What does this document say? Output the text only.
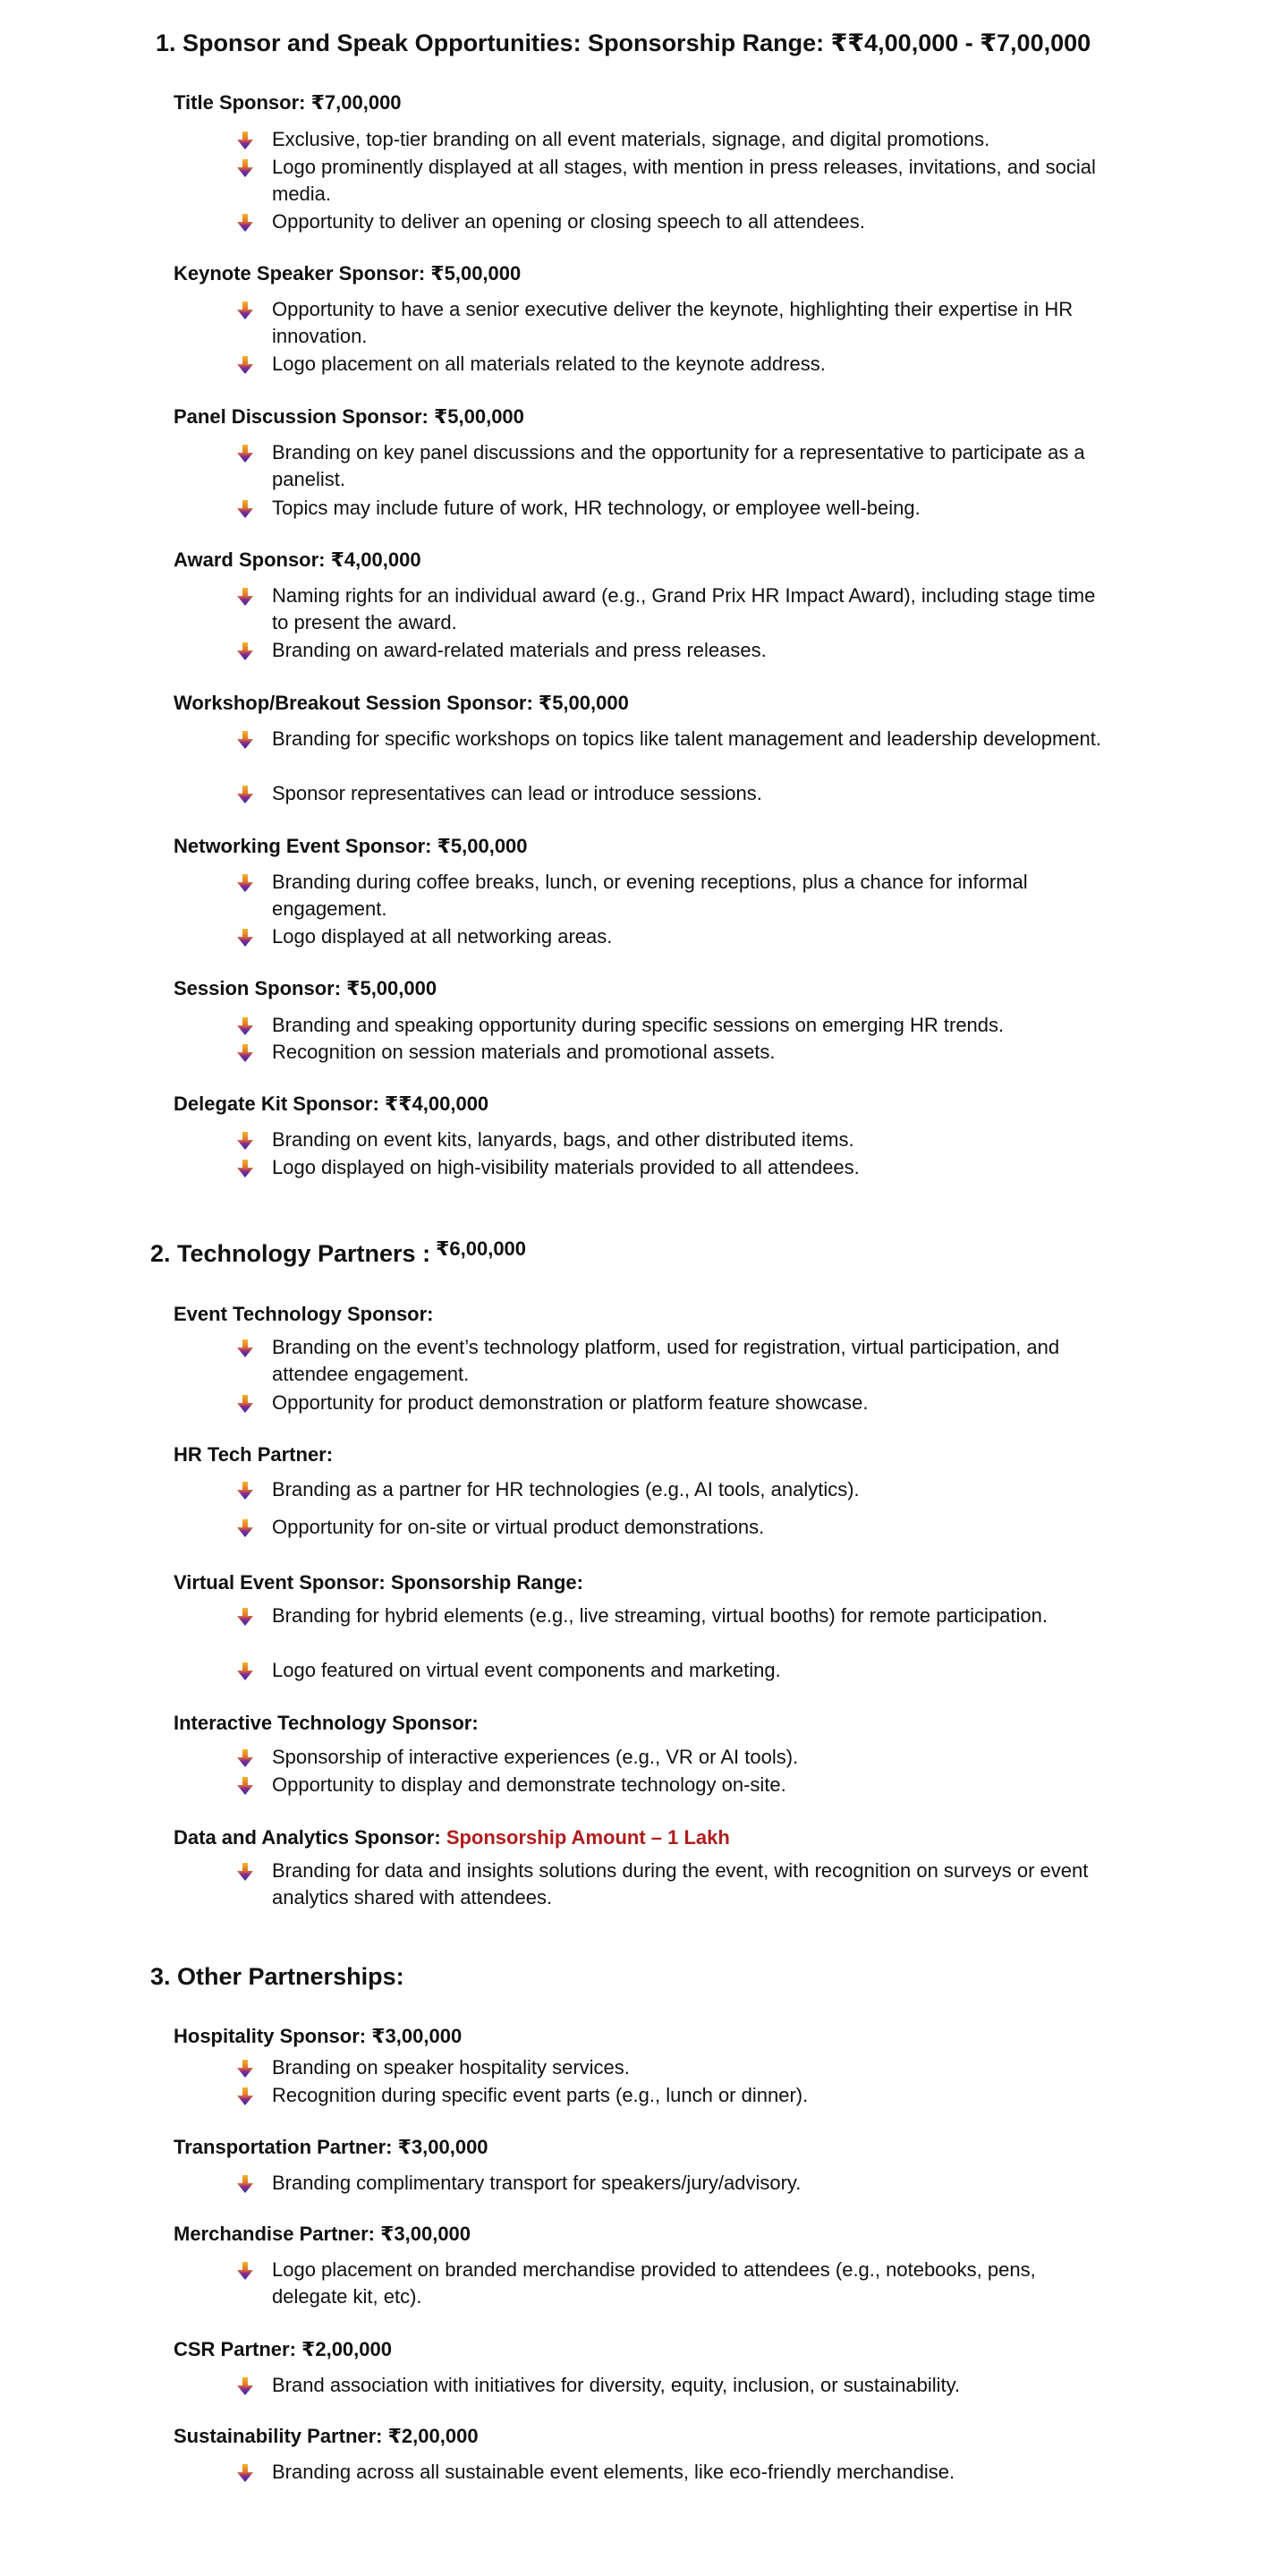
1. Sponsor and Speak Opportunities: Sponsorship Range: ₹₹4,00,000 - ₹7,00,000
Title Sponsor: ₹7,00,000
Exclusive, top-tier branding on all event materials, signage, and digital promotions.
Logo prominently displayed at all stages, with mention in press releases, invitations, and social media.
Opportunity to deliver an opening or closing speech to all attendees.
Keynote Speaker Sponsor: ₹5,00,000
Opportunity to have a senior executive deliver the keynote, highlighting their expertise in HR innovation.
Logo placement on all materials related to the keynote address.
Panel Discussion Sponsor: ₹5,00,000
Branding on key panel discussions and the opportunity for a representative to participate as a panelist.
Topics may include future of work, HR technology, or employee well-being.
Award Sponsor: ₹4,00,000
Naming rights for an individual award (e.g., Grand Prix HR Impact Award), including stage time to present the award.
Branding on award-related materials and press releases.
Workshop/Breakout Session Sponsor: ₹5,00,000
Branding for specific workshops on topics like talent management and leadership development.
Sponsor representatives can lead or introduce sessions.
Networking Event Sponsor: ₹5,00,000
Branding during coffee breaks, lunch, or evening receptions, plus a chance for informal engagement.
Logo displayed at all networking areas.
Session Sponsor: ₹5,00,000
Branding and speaking opportunity during specific sessions on emerging HR trends.
Recognition on session materials and promotional assets.
Delegate Kit Sponsor: ₹₹4,00,000
Branding on event kits, lanyards, bags, and other distributed items.
Logo displayed on high-visibility materials provided to all attendees.
2. Technology Partners : $^{₹6,00,000}$
Event Technology Sponsor:
Branding on the event’s technology platform, used for registration, virtual participation, and attendee engagement.
Opportunity for product demonstration or platform feature showcase.
HR Tech Partner:
Branding as a partner for HR technologies (e.g., AI tools, analytics).
Opportunity for on-site or virtual product demonstrations.
Virtual Event Sponsor: Sponsorship Range:
Branding for hybrid elements (e.g., live streaming, virtual booths) for remote participation.
Logo featured on virtual event components and marketing.
Interactive Technology Sponsor:
Sponsorship of interactive experiences (e.g., VR or AI tools).
Opportunity to display and demonstrate technology on-site.
Data and Analytics Sponsor: Sponsorship Amount – 1 Lakh
Branding for data and insights solutions during the event, with recognition on surveys or event analytics shared with attendees.
3. Other Partnerships:
Hospitality Sponsor: ₹3,00,000
Branding on speaker hospitality services.
Recognition during specific event parts (e.g., lunch or dinner).
Transportation Partner: ₹3,00,000
Branding complimentary transport for speakers/jury/advisory.
Merchandise Partner: ₹3,00,000
Logo placement on branded merchandise provided to attendees (e.g., notebooks, pens, delegate kit, etc).
CSR Partner: ₹2,00,000
Brand association with initiatives for diversity, equity, inclusion, or sustainability.
Sustainability Partner: ₹2,00,000
Branding across all sustainable event elements, like eco-friendly merchandise.
